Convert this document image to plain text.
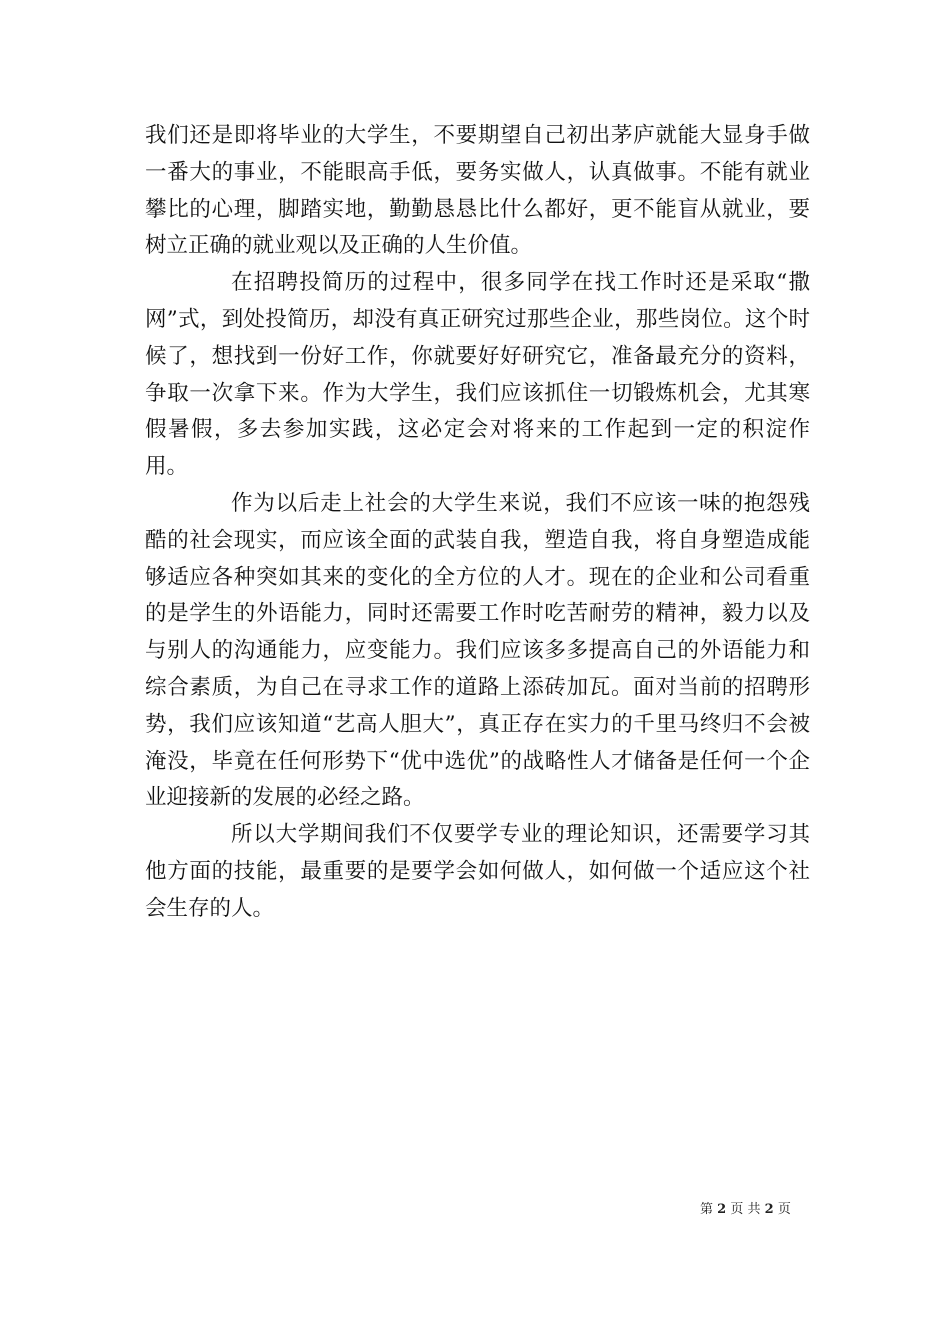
我们还是即将毕业的大学生，不要期望自己初出茅庐就能大显身手做一番大的事业，不能眼高手低，要务实做人，认真做事。不能有就业攀比的心理，脚踏实地，勤勤恳恳比什么都好，更不能盲从就业，要树立正确的就业观以及正确的人生价值。

在招聘投简历的过程中，很多同学在找工作时还是采取“撒网”式，到处投简历，却没有真正研究过那些企业，那些岗位。这个时候了，想找到一份好工作，你就要好好研究它，准备最充分的资料，争取一次拿下来。作为大学生，我们应该抓住一切锻炼机会，尤其寒假暑假，多去参加实践，这必定会对将来的工作起到一定的积淀作用。

作为以后走上社会的大学生来说，我们不应该一味的抱怨残酷的社会现实，而应该全面的武装自我，塑造自我，将自身塑造成能够适应各种突如其来的变化的全方位的人才。现在的企业和公司看重的是学生的外语能力，同时还需要工作时吃苦耐劳的精神，毅力以及与别人的沟通能力，应变能力。我们应该多多提高自己的外语能力和综合素质，为自己在寻求工作的道路上添砖加瓦。面对当前的招聘形势，我们应该知道“艺高人胆大”，真正存在实力的千里马终归不会被淹没，毕竟在任何形势下“优中选优”的战略性人才储备是任何一个企业迎接新的发展的必经之路。

所以大学期间我们不仅要学专业的理论知识，还需要学习其他方面的技能，最重要的是要学会如何做人，如何做一个适应这个社会生存的人。

第 2 页 共 2 页
